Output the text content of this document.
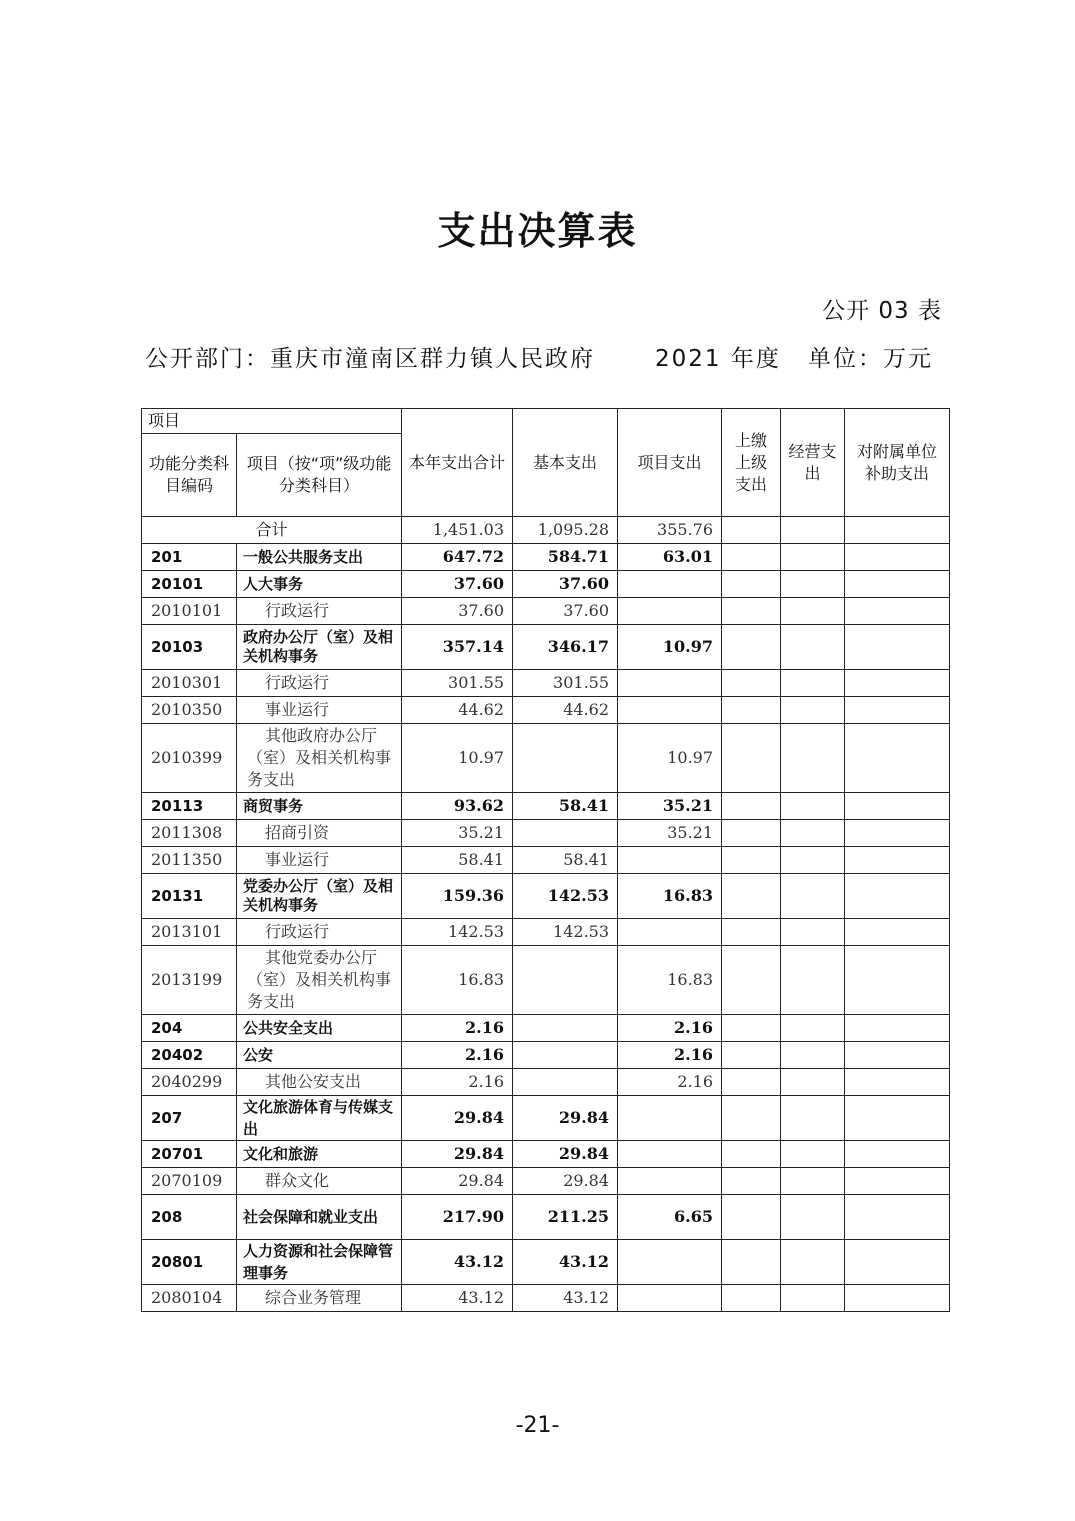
支出决算表
公开 03 表
公开部门：重庆市潼南区群力镇人民政府	2021 年度 单位：万元
项目		本年支出合计	基本支出	项目支出	上缴上级支出	经营支出	对附属单位补助支出
功能分类科目编码	项目（按“项”级功能分类科目）						
合计		1,451.03	1,095.28	355.76			
201	一般公共服务支出	647.72	584.71	63.01			
20101	人大事务	37.60	37.60				
2010101	行政运行	37.60	37.60				
20103	政府办公厅（室）及相关机构事务	357.14	346.17	10.97			
2010301	行政运行	301.55	301.55				
2010350	事业运行	44.62	44.62				
2010399	其他政府办公厅（室）及相关机构事务支出	10.97		10.97			
20113	商贸事务	93.62	58.41	35.21			
2011308	招商引资	35.21		35.21			
2011350	事业运行	58.41	58.41				
20131	党委办公厅（室）及相关机构事务	159.36	142.53	16.83			
2013101	行政运行	142.53	142.53				
2013199	其他党委办公厅（室）及相关机构事务支出	16.83		16.83			
204	公共安全支出	2.16		2.16			
20402	公安	2.16		2.16			
2040299	其他公安支出	2.16		2.16			
207	文化旅游体育与传媒支出	29.84	29.84				
20701	文化和旅游	29.84	29.84				
2070109	群众文化	29.84	29.84				
208	社会保障和就业支出	217.90	211.25	6.65			
20801	人力资源和社会保障管理事务	43.12	43.12				
2080104	综合业务管理	43.12	43.12				
-21-
